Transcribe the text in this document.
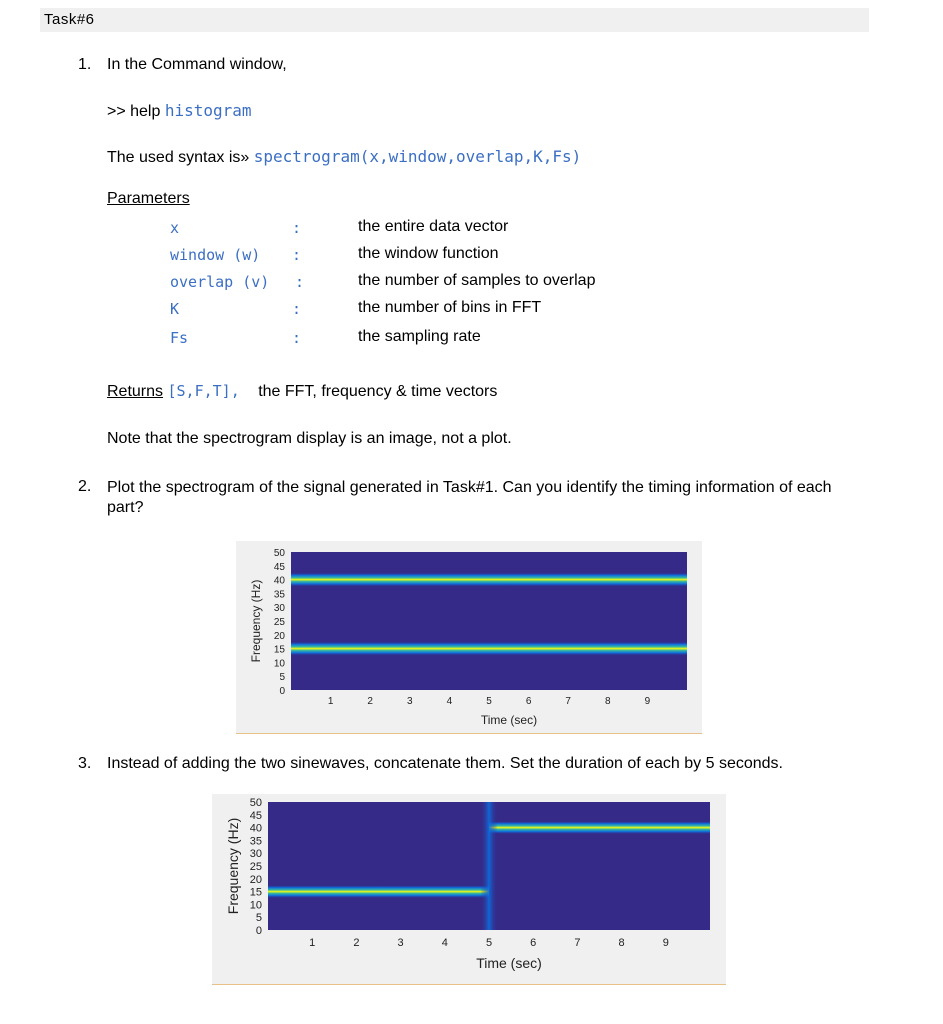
Task#6
1. In the Command window,
>> help histogram
The used syntax is» spectrogram(x,window,overlap,K,Fs)
Parameters
x	:	the entire data vector
window (w) :	the window function
overlap (v) :	the number of samples to overlap
K	:	the number of bins in FFT
Fs	:	the sampling rate
Returns [S,F,T], the FFT, frequency & time vectors
Note that the spectrogram display is an image, not a plot.
2. Plot the spectrogram of the signal generated in Task#1. Can you identify the timing information of each part?
0
5
10
15
20
25
30
35
40
45
50
1	2	3	4	5	6	7	8	9
Time (sec)
Frequency (Hz)
3. Instead of adding the two sinewaves, concatenate them. Set the duration of each by 5 seconds.
0
5
10
15
20
25
30
35
40
45
50
1	2	3	4	5	6	7	8	9
Time (sec)
Frequency (Hz)
